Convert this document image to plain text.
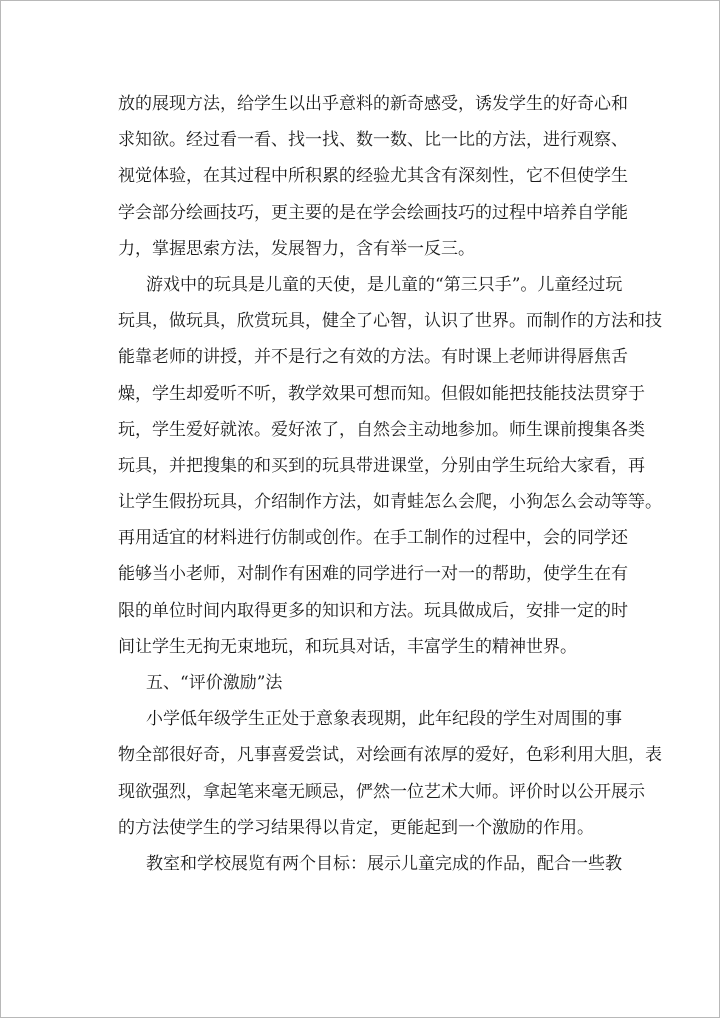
放的展现方法，给学生以出乎意料的新奇感受，诱发学生的好奇心和
求知欲。经过看一看、找一找、数一数、比一比的方法，进行观察、
视觉体验，在其过程中所积累的经验尤其含有深刻性，它不但使学生
学会部分绘画技巧，更主要的是在学会绘画技巧的过程中培养自学能
力，掌握思索方法，发展智力，含有举一反三。
游戏中的玩具是儿童的天使，是儿童的“第三只手”。儿童经过玩
玩具，做玩具，欣赏玩具，健全了心智，认识了世界。而制作的方法和技
能靠老师的讲授，并不是行之有效的方法。有时课上老师讲得唇焦舌
燥，学生却爱听不听，教学效果可想而知。但假如能把技能技法贯穿于
玩，学生爱好就浓。爱好浓了，自然会主动地参加。师生课前搜集各类
玩具，并把搜集的和买到的玩具带进课堂，分别由学生玩给大家看，再
让学生假扮玩具，介绍制作方法，如青蛙怎么会爬，小狗怎么会动等等。
再用适宜的材料进行仿制或创作。在手工制作的过程中，会的同学还
能够当小老师，对制作有困难的同学进行一对一的帮助，使学生在有
限的单位时间内取得更多的知识和方法。玩具做成后，安排一定的时
间让学生无拘无束地玩，和玩具对话，丰富学生的精神世界。
五、“评价激励”法
小学低年级学生正处于意象表现期，此年纪段的学生对周围的事
物全部很好奇，凡事喜爱尝试，对绘画有浓厚的爱好，色彩利用大胆，表
现欲强烈，拿起笔来毫无顾忌，俨然一位艺术大师。评价时以公开展示
的方法使学生的学习结果得以肯定，更能起到一个激励的作用。
教室和学校展览有两个目标：展示儿童完成的作品，配合一些教
